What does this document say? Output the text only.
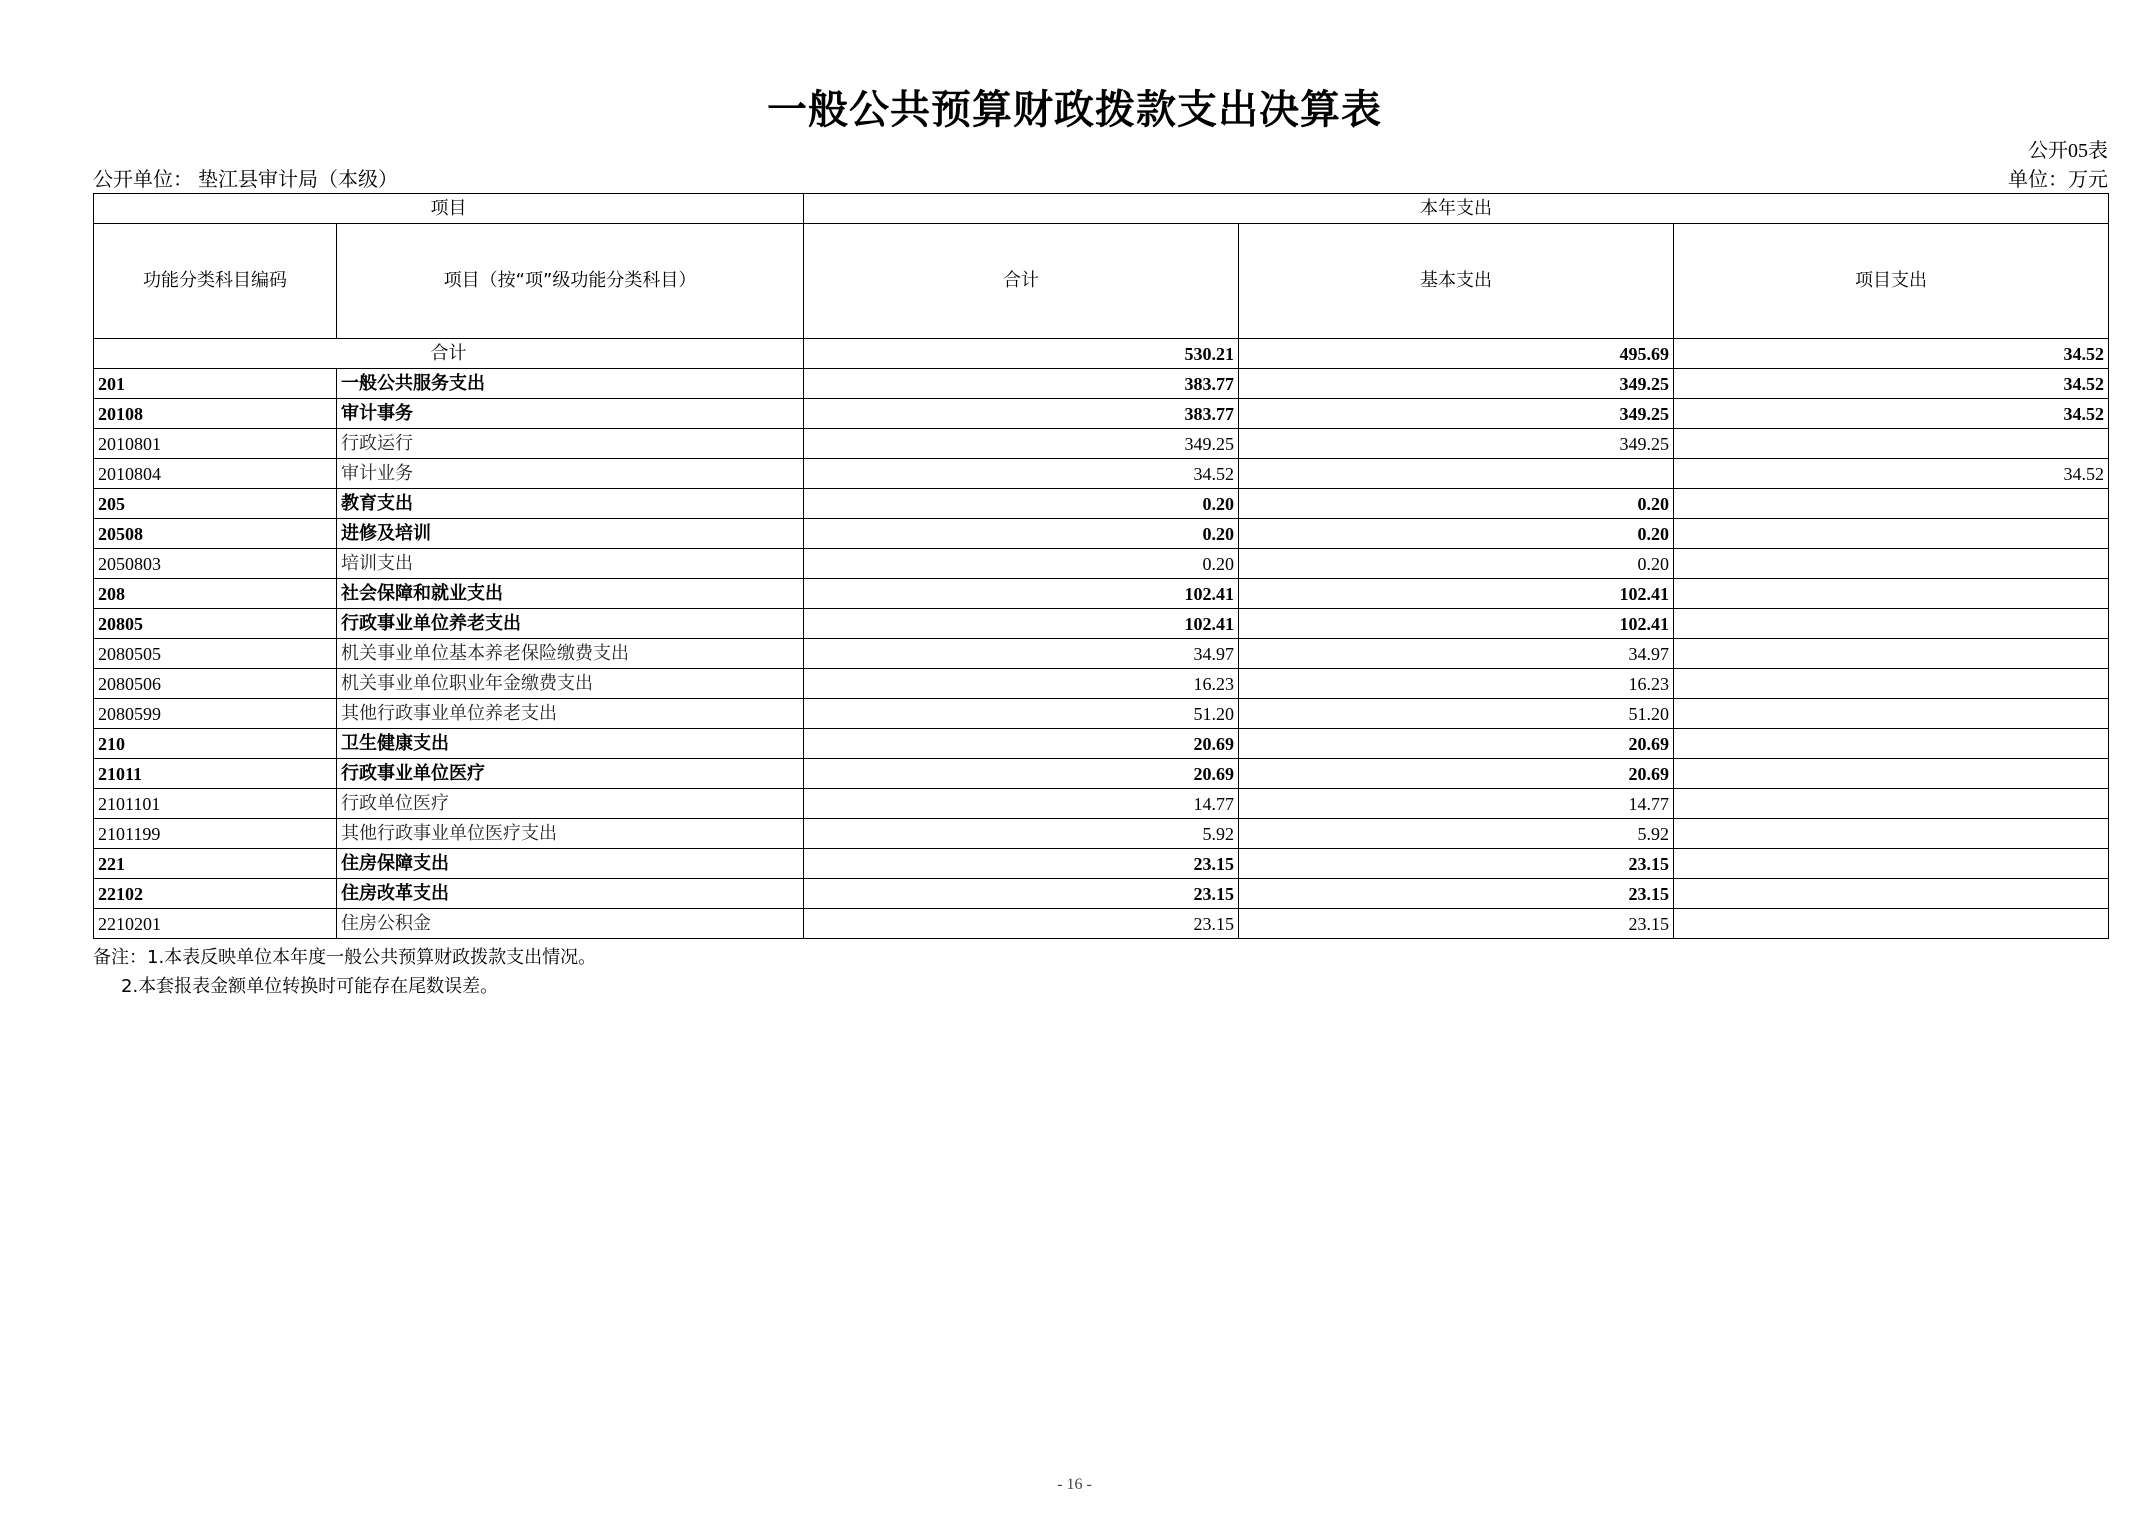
一般公共预算财政拨款支出决算表
公开05表
公开单位： 垫江县审计局（本级）	单位：万元
项目		本年支出		
功能分类科目编码	项目（按“项”级功能分类科目）	合计	基本支出	项目支出
合计		530.21	495.69	34.52
201	一般公共服务支出	383.77	349.25	34.52
20108	审计事务	383.77	349.25	34.52
2010801	行政运行	349.25	349.25	
2010804	审计业务	34.52		34.52
205	教育支出	0.20	0.20	
20508	进修及培训	0.20	0.20	
2050803	培训支出	0.20	0.20	
208	社会保障和就业支出	102.41	102.41	
20805	行政事业单位养老支出	102.41	102.41	
2080505	机关事业单位基本养老保险缴费支出	34.97	34.97	
2080506	机关事业单位职业年金缴费支出	16.23	16.23	
2080599	其他行政事业单位养老支出	51.20	51.20	
210	卫生健康支出	20.69	20.69	
21011	行政事业单位医疗	20.69	20.69	
2101101	行政单位医疗	14.77	14.77	
2101199	其他行政事业单位医疗支出	5.92	5.92	
221	住房保障支出	23.15	23.15	
22102	住房改革支出	23.15	23.15	
2210201	住房公积金	23.15	23.15	
备注：1.本表反映单位本年度一般公共预算财政拨款支出情况。
2.本套报表金额单位转换时可能存在尾数误差。
- 16 -
